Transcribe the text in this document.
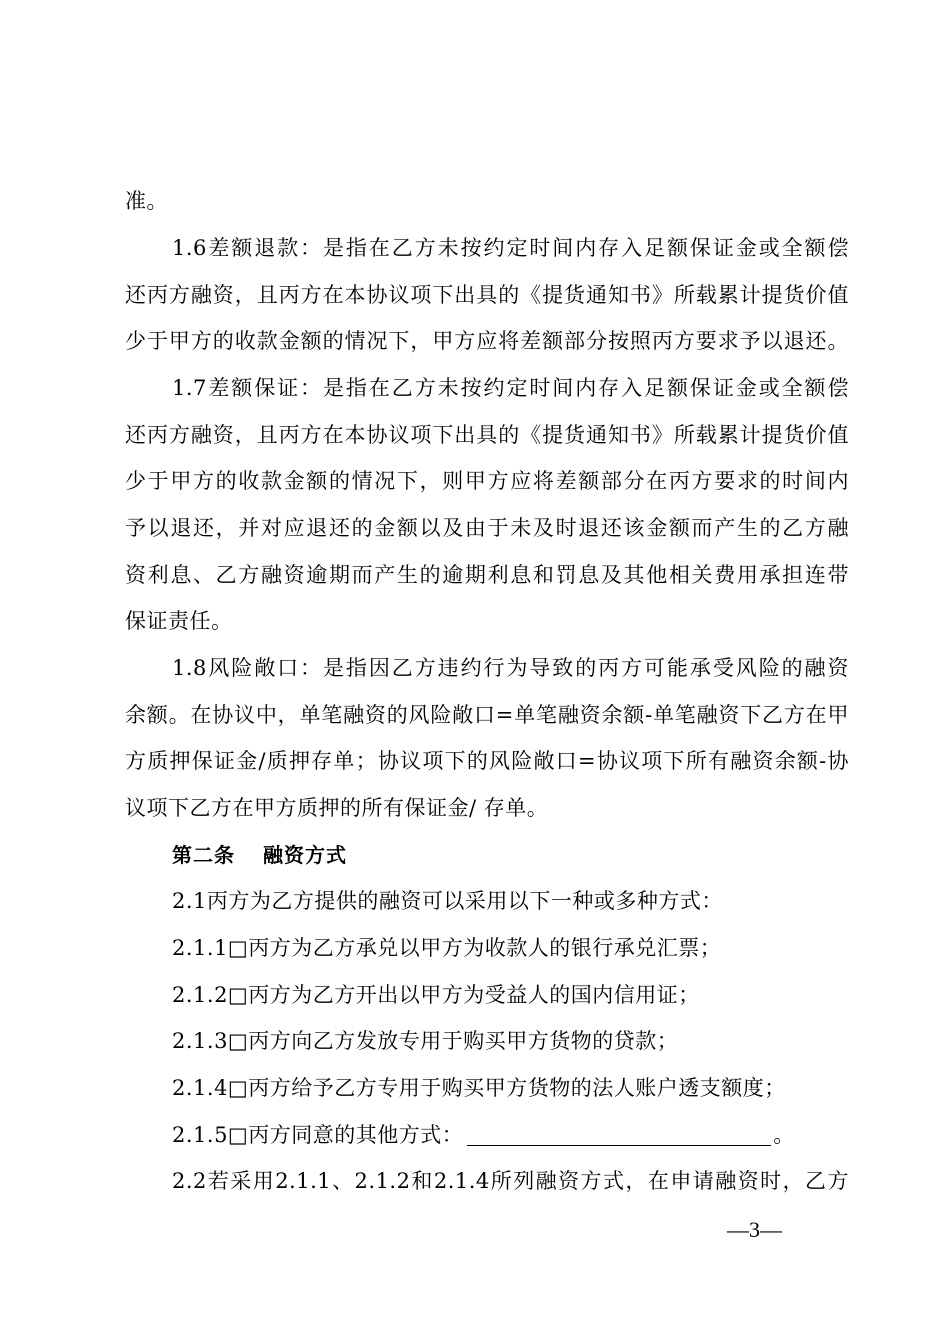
准。
1.6差额退款：是指在乙方未按约定时间内存入足额保证金或全额偿
还丙方融资，且丙方在本协议项下出具的《提货通知书》所载累计提货价值
少于甲方的收款金额的情况下，甲方应将差额部分按照丙方要求予以退还。
1.7差额保证：是指在乙方未按约定时间内存入足额保证金或全额偿
还丙方融资，且丙方在本协议项下出具的《提货通知书》所载累计提货价值
少于甲方的收款金额的情况下，则甲方应将差额部分在丙方要求的时间内
予以退还，并对应退还的金额以及由于未及时退还该金额而产生的乙方融
资利息、乙方融资逾期而产生的逾期利息和罚息及其他相关费用承担连带
保证责任。
1.8风险敞口：是指因乙方违约行为导致的丙方可能承受风险的融资
余额。在协议中，单笔融资的风险敞口=单笔融资余额-单笔融资下乙方在甲
方质押保证金/质押存单；协议项下的风险敞口=协议项下所有融资余额-协
议项下乙方在甲方质押的所有保证金/ 存单。
第二条 融资方式
2.1丙方为乙方提供的融资可以采用以下一种或多种方式：
2.1.1□丙方为乙方承兑以甲方为收款人的银行承兑汇票；
2.1.2□丙方为乙方开出以甲方为受益人的国内信用证；
2.1.3□丙方向乙方发放专用于购买甲方货物的贷款；
2.1.4□丙方给予乙方专用于购买甲方货物的法人账户透支额度；
2.1.5□丙方同意的其他方式：	。
2.2若采用2.1.1、2.1.2和2.1.4所列融资方式，在申请融资时，乙方
—3—
